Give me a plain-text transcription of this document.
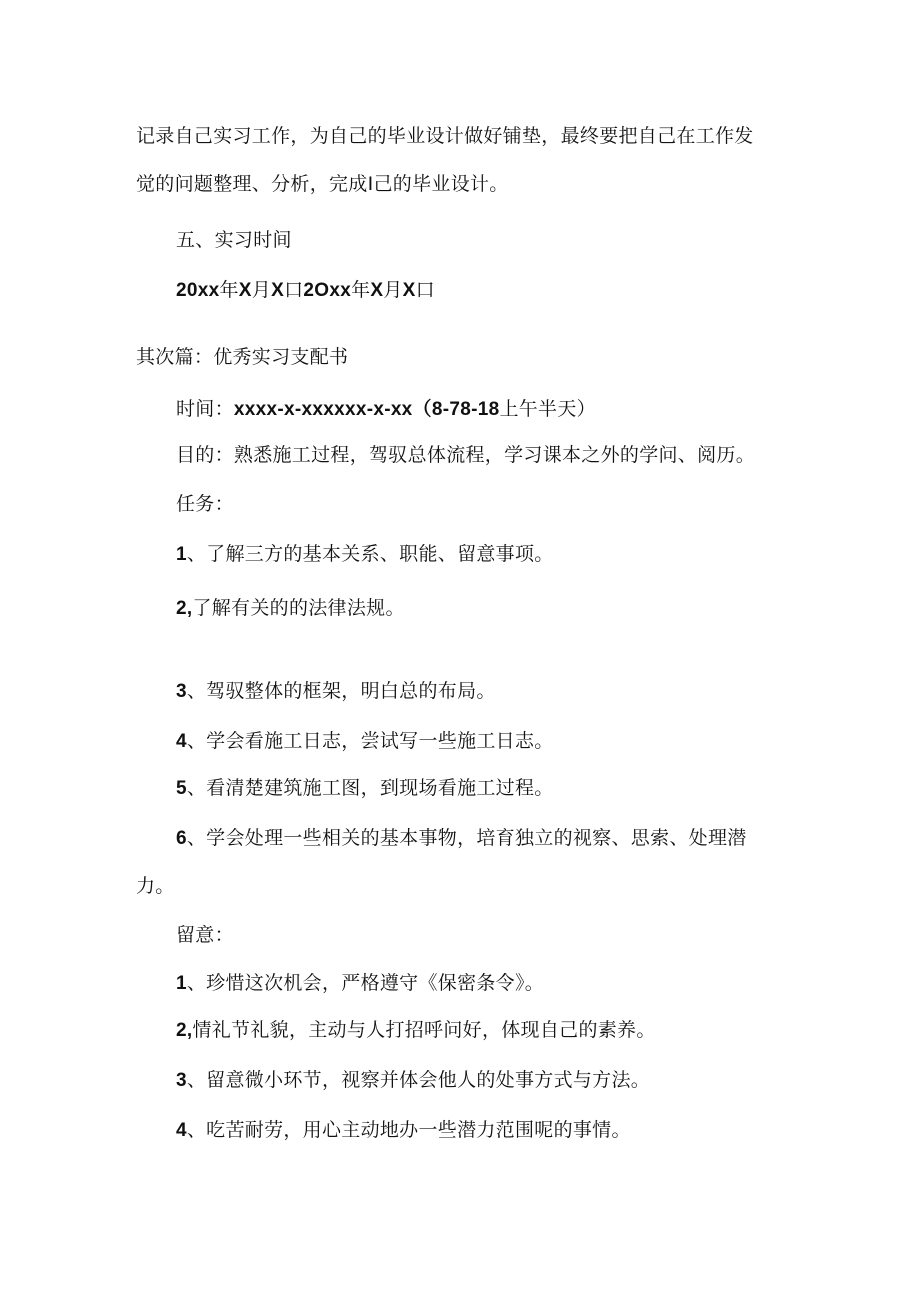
记录自己实习工作，为自己的毕业设计做好铺垫，最终要把自己在工作发
觉的问题整理、分析，完成Ⅰ己的毕业设计。
五、实习时间
20xx年X月X口2Oxx年X月X口
其次篇：优秀实习支配书
时间：xxxx-x-xxxxxx-x-xx（8-78-18上午半天）
目的：熟悉施工过程，驾驭总体流程，学习课本之外的学问、阅历。
任务：
1、了解三方的基本关系、职能、留意事项。
2,了解有关的的法律法规。
3、驾驭整体的框架，明白总的布局。
4、学会看施工日志，尝试写一些施工日志。
5、看清楚建筑施工图，到现场看施工过程。
6、学会处理一些相关的基本事物，培育独立的视察、思索、处理潜
力。
留意：
1、珍惜这次机会，严格遵守《保密条令》。
2,情礼节礼貌，主动与人打招呼问好，体现自己的素养。
3、留意微小环节，视察并体会他人的处事方式与方法。
4、吃苦耐劳，用心主动地办一些潜力范围呢的事情。
